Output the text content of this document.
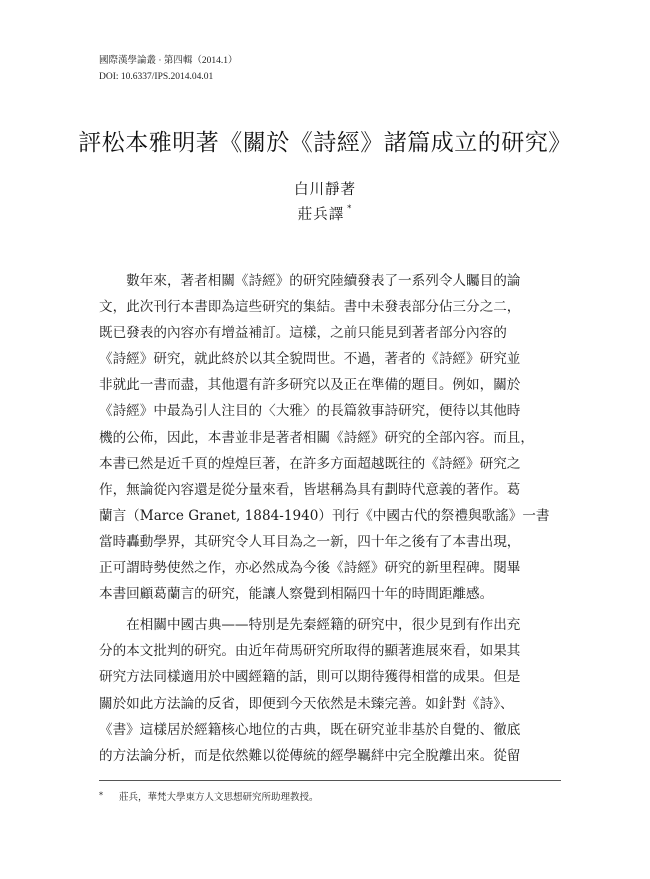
國際漢學論叢 · 第四輯（2014.1）
DOI: 10.6337/IPS.2014.04.01
評松本雅明著《關於《詩經》諸篇成立的研究》
白川靜著
莊兵譯 *
　　數年來，著者相關《詩經》的研究陸續發表了一系列令人矚目的論
文，此次刊行本書即為這些研究的集結。書中未發表部分佔三分之二，
既已發表的內容亦有增益補訂。這樣，之前只能見到著者部分內容的
《詩經》研究，就此終於以其全貌問世。不過，著者的《詩經》研究並
非就此一書而盡，其他還有許多研究以及正在準備的題目。例如，關於
《詩經》中最為引人注目的〈大雅〉的長篇敘事詩研究，便待以其他時
機的公佈，因此，本書並非是著者相關《詩經》研究的全部內容。而且，
本書已然是近千頁的煌煌巨著，在許多方面超越既往的《詩經》研究之
作，無論從內容還是從分量來看，皆堪稱為具有劃時代意義的著作。葛
蘭言（Marce Granet, 1884-1940）刊行《中國古代的祭禮與歌謠》一書
當時轟動學界，其研究令人耳目為之一新，四十年之後有了本書出現，
正可謂時勢使然之作，亦必然成為今後《詩經》研究的新里程碑。閱畢
本書回顧葛蘭言的研究，能讓人察覺到相隔四十年的時間距離感。
　　在相關中國古典——特別是先秦經籍的研究中，很少見到有作出充
分的本文批判的研究。由近年荷馬研究所取得的顯著進展來看，如果其
研究方法同樣適用於中國經籍的話，則可以期待獲得相當的成果。但是
關於如此方法論的反省，即便到今天依然是未臻完善。如針對《詩》、
《書》這樣居於經籍核心地位的古典，既在研究並非基於自覺的、徹底
的方法論分析，而是依然難以從傳統的經學羈絆中完全脫離出來。從留
* 莊兵，華梵大學東方人文思想研究所助理教授。
